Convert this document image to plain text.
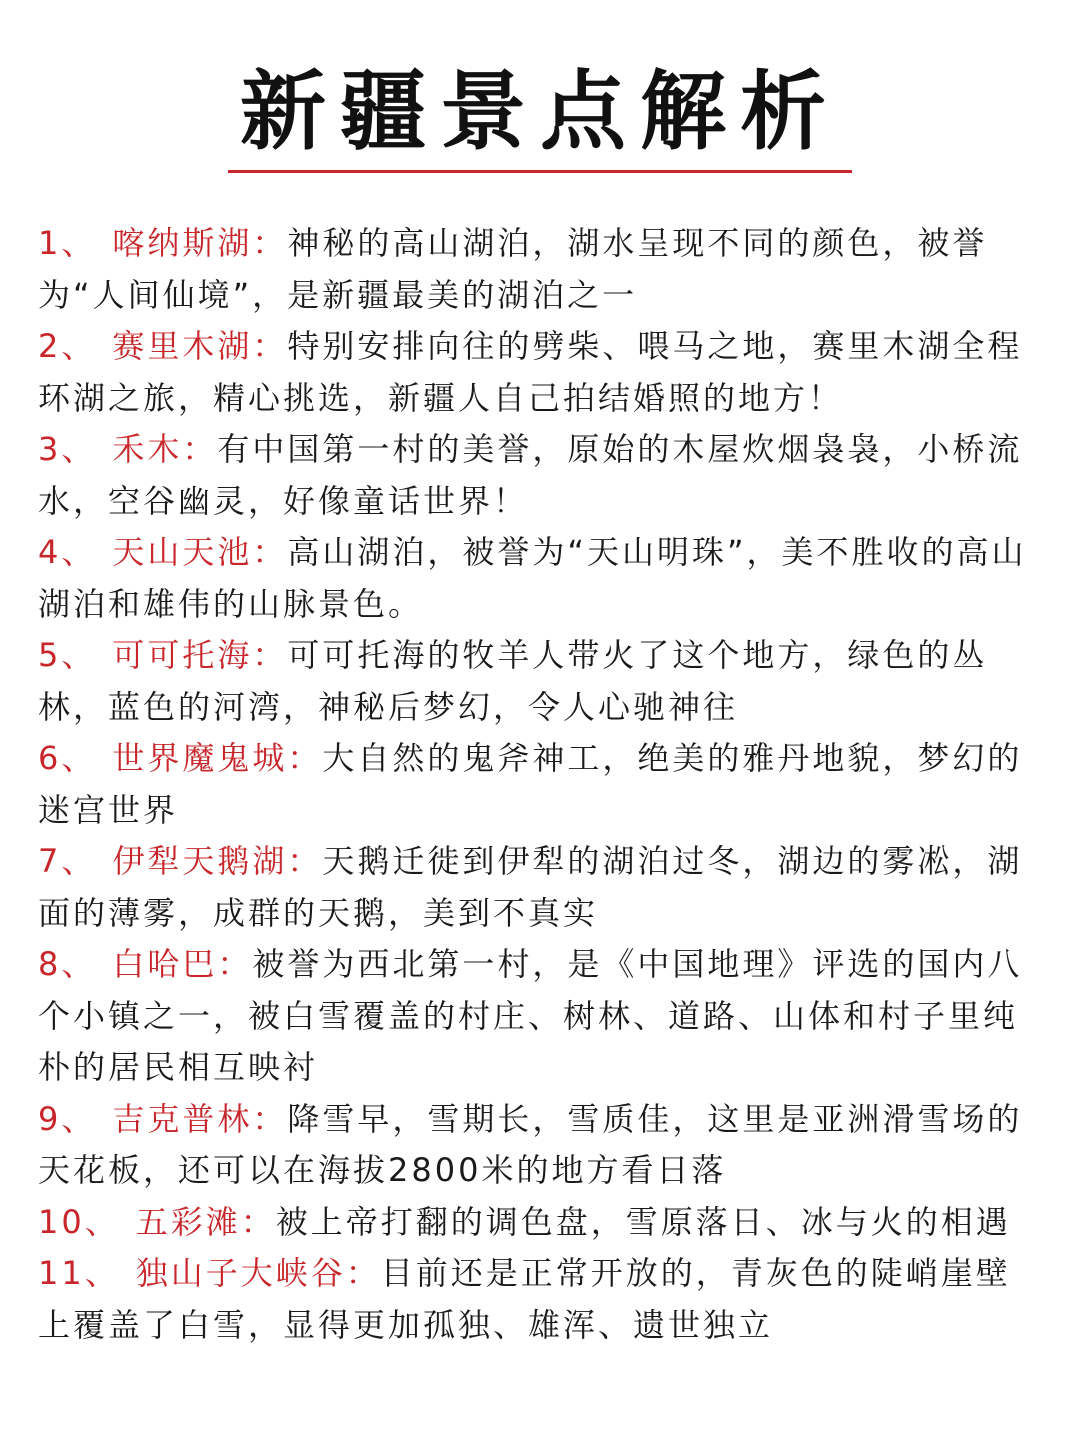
新疆景点解析
1、 喀纳斯湖：神秘的高山湖泊，湖水呈现不同的颜色，被誉为“人间仙境”，是新疆最美的湖泊之一
2、 赛里木湖：特别安排向往的劈柴、喂马之地，赛里木湖全程环湖之旅，精心挑选，新疆人自己拍结婚照的地方！
3、 禾木：有中国第一村的美誉，原始的木屋炊烟袅袅，小桥流水，空谷幽灵，好像童话世界！
4、 天山天池：高山湖泊，被誉为“天山明珠”，美不胜收的高山湖泊和雄伟的山脉景色。
5、 可可托海：可可托海的牧羊人带火了这个地方，绿色的丛林，蓝色的河湾，神秘后梦幻，令人心驰神往
6、 世界魔鬼城：大自然的鬼斧神工，绝美的雅丹地貌，梦幻的迷宫世界
7、 伊犁天鹅湖：天鹅迁徙到伊犁的湖泊过冬，湖边的雾凇，湖面的薄雾，成群的天鹅，美到不真实
8、 白哈巴：被誉为西北第一村，是《中国地理》评选的国内八个小镇之一，被白雪覆盖的村庄、树林、道路、山体和村子里纯朴的居民相互映衬
9、 吉克普林：降雪早，雪期长，雪质佳，这里是亚洲滑雪场的天花板，还可以在海拔2800米的地方看日落
10、 五彩滩：被上帝打翻的调色盘，雪原落日、冰与火的相遇
11、 独山子大峡谷：目前还是正常开放的，青灰色的陡峭崖壁上覆盖了白雪，显得更加孤独、雄浑、遗世独立
